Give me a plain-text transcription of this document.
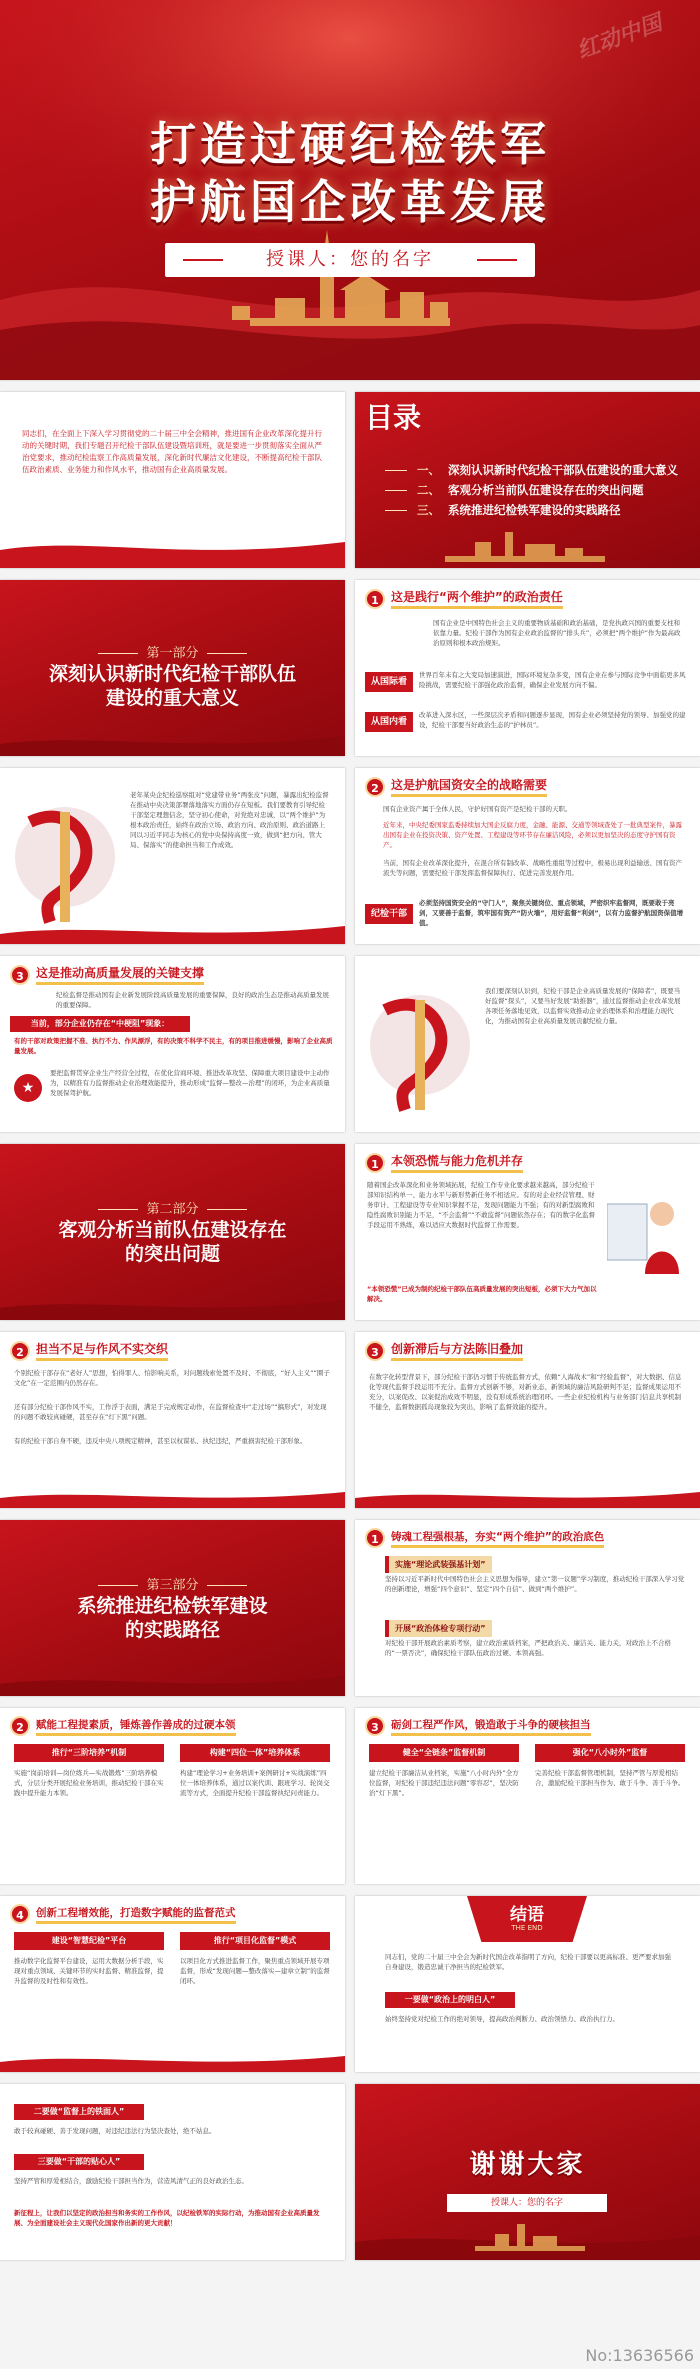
打造过硬纪检铁军
护航国企改革发展
授课人：您的名字
红动中国
同志们，在全面上下深入学习贯彻党的二十届三中全会精神，推进国有企业改革深化提升行动的关键时期，我们专题召开纪检干部队伍建设暨培训班，就是要进一步贯彻落实全面从严治党要求，推动纪检监察工作高质量发展，深化新时代廉洁文化建设，不断提高纪检干部队伍政治素质、业务能力和作风水平，推动国有企业高质量发展。
目录
一、 深刻认识新时代纪检干部队伍建设的重大意义
二、 客观分析当前队伍建设存在的突出问题
三、 系统推进纪检铁军建设的实践路径
第一部分
深刻认识新时代纪检干部队伍
建设的重大意义
1	这是践行“两个维护”的政治责任
国有企业是中国特色社会主义的重要物质基础和政治基础，是党执政兴国的重要支柱和依靠力量。纪检干部作为国有企业政治监督的“排头兵”，必须把“两个维护”作为最高政治原则和根本政治规矩。
从国际看
世界百年未有之大变局加速演进，国际环境复杂多变，国有企业在参与国际竞争中面临更多风险挑战，需要纪检干部强化政治监督，确保企业发展方向不偏。
从国内看
改革进入深水区，一些深层次矛盾和问题逐步显现，国有企业必须坚持党的领导、加强党的建设，纪检干部要当好政治生态的“护林员”。
老年某央企纪检巡察组对“党建带业务”两张皮”问题，暴露出纪检监督在推动中央决策部署落地落实方面仍存在短板。我们要教育引导纪检干部坚定理想信念，坚守初心使命，对党绝对忠诚，以“两个维护”为根本政治责任，始终在政治立场、政治方向、政治原则、政治道路上同以习近平同志为核心的党中央保持高度一致，做到“把方向、管大局、保落实”的使命担当和工作成效。
2	这是护航国资安全的战略需要
国有企业资产属于全体人民，守护好国有资产是纪检干部的天职。
近年来，中央纪委国家监委持续加大国企反腐力度，金融、能源、交通等领域查处了一批典型案件，暴露出国有企业在投资决策、资产处置、工程建设等环节存在廉洁风险，必须以更加坚决的态度守护国有资产。
当前，国有企业改革深化提升，在混合所有制改革、战略性重组等过程中，极易出现利益输送、国有资产流失等问题，需要纪检干部发挥监督保障执行、促进完善发展作用。
纪检干部
必须坚持国资安全的“守门人”，聚焦关键岗位、重点领域，严密织牢监督网，既要敢于亮剑，又要善于监督，筑牢国有资产“防火墙”，用好监督“利剑”，以有力监督护航国资保值增值。
3	这是推动高质量发展的关键支撑
纪检监督是推动国有企业新发展阶段高质量发展的重要保障，良好的政治生态是推动高质量发展的重要保障。
当前，部分企业仍存在“中梗阻”现象：
有的干部对政策把握不准、执行不力、作风漂浮，有的决策不科学不民主，有的项目推进缓慢，影响了企业高质量发展。
★
要把监督贯穿企业生产经营全过程，在优化营商环境、推进改革攻坚、保障重大项目建设中主动作为，以精准有力监督推动企业治理效能提升，推动形成“监督—整改—治理”的闭环，为企业高质量发展保驾护航。
我们要深刻认识到，纪检干部是企业高质量发展的“保障者”，既要当好监督“探头”，又要当好发展“助推器”，通过监督推动企业改革发展各项任务落地见效，以监督实效推动企业治理体系和治理能力现代化，为推动国有企业高质量发展贡献纪检力量。
第二部分
客观分析当前队伍建设存在
的突出问题
1	本领恐慌与能力危机并存
随着国企改革深化和业务领域拓展，纪检工作专业化要求越来越高，部分纪检干部知识结构单一、能力水平与新形势新任务不相适应。有的对企业经营管理、财务审计、工程建设等专业知识掌握不足，发现问题能力不强；有的对新型腐败和隐性腐败识别能力不足，“不会监督”“不敢监督”问题依然存在；有的数字化监督手段运用不熟练，难以适应大数据时代监督工作需要。
“本领恐慌”已成为制约纪检干部队伍高质量发展的突出短板，必须下大力气加以解决。
2	担当不足与作风不实交织
个别纪检干部存在“老好人”思想，怕得罪人、怕影响关系，对问题线索处置不及时、不彻底，“好人主义”“圈子文化”在一定范围内仍然存在。
还有部分纪检干部作风不实，工作浮于表面，满足于完成规定动作，在监督检查中“走过场”“搞形式”，对发现的问题不敢较真碰硬，甚至存在“灯下黑”问题。
有的纪检干部自身不硬，违反中央八项规定精神，甚至以权谋私、执纪违纪，严重损害纪检干部形象。
3	创新滞后与方法陈旧叠加
在数字化转型背景下，部分纪检干部仍习惯于传统监督方式，依赖“人海战术”和“经验监督”，对大数据、信息化等现代监督手段运用不充分。监督方式创新不够，对新业态、新领域的廉洁风险研判不足；监督成果运用不充分，以案促改、以案促治成效不明显，没有形成系统治理闭环。一些企业纪检机构与业务部门信息共享机制不健全，监督数据孤岛现象较为突出，影响了监督效能的提升。
第三部分
系统推进纪检铁军建设
的实践路径
1	铸魂工程强根基，夯实“两个维护”的政治底色
实施“理论武装强基计划”
坚持以习近平新时代中国特色社会主义思想为指导，建立“第一议题”学习制度，推动纪检干部深入学习党的创新理论，增强“四个意识”、坚定“四个自信”、做到“两个维护”。
开展“政治体检专项行动”
对纪检干部开展政治素质考察，建立政治素质档案，严把政治关、廉洁关、能力关，对政治上不合格的“一票否决”，确保纪检干部队伍政治过硬、本领高强。
2	赋能工程提素质，锤炼善作善成的过硬本领
推行“三阶培养”机制
实施“岗前培训—岗位练兵—实战锻炼”三阶培养模式，分层分类开展纪检业务培训，推动纪检干部在实践中提升能力本领。
构建“四位一体”培养体系
构建“理论学习+业务培训+案例研讨+实战演练”四位一体培养体系，通过以案代训、跟班学习、轮岗交流等方式，全面提升纪检干部监督执纪问责能力。
3	砺剑工程严作风，锻造敢于斗争的硬核担当
健全“全链条”监督机制
建立纪检干部廉洁从业档案，实施“八小时内外”全方位监督，对纪检干部违纪违法问题“零容忍”，坚决防治“灯下黑”。
强化“八小时外”监督
完善纪检干部监督管理机制，坚持严管与厚爱相结合，激励纪检干部担当作为、敢于斗争、善于斗争。
4	创新工程增效能，打造数字赋能的监督范式
建设“智慧纪检”平台
推动数字化监督平台建设，运用大数据分析手段，实现对重点领域、关键环节的实时监督、精准监督，提升监督的及时性和有效性。
推行“项目化监督”模式
以项目化方式推进监督工作，聚焦重点领域开展专项监督，形成“发现问题—整改落实—建章立制”的监督闭环。
结语
THE END
同志们，党的二十届三中全会为新时代国企改革指明了方向，纪检干部要以更高标准、更严要求加强自身建设，锻造忠诚干净担当的纪检铁军。
一要做“政治上的明白人”
始终坚持党对纪检工作的绝对领导，提高政治判断力、政治领悟力、政治执行力。
二要做“监督上的铁面人”
敢于较真碰硬、善于发现问题，对违纪违法行为坚决查处，绝不姑息。
三要做“干部的贴心人”
坚持严管和厚爱相结合，激励纪检干部担当作为，营造风清气正的良好政治生态。
新征程上，让我们以坚定的政治担当和务实的工作作风，以纪检铁军的实际行动，为推动国有企业高质量发展、为全面建设社会主义现代化国家作出新的更大贡献！
谢谢大家
授课人：您的名字
No:13636566
